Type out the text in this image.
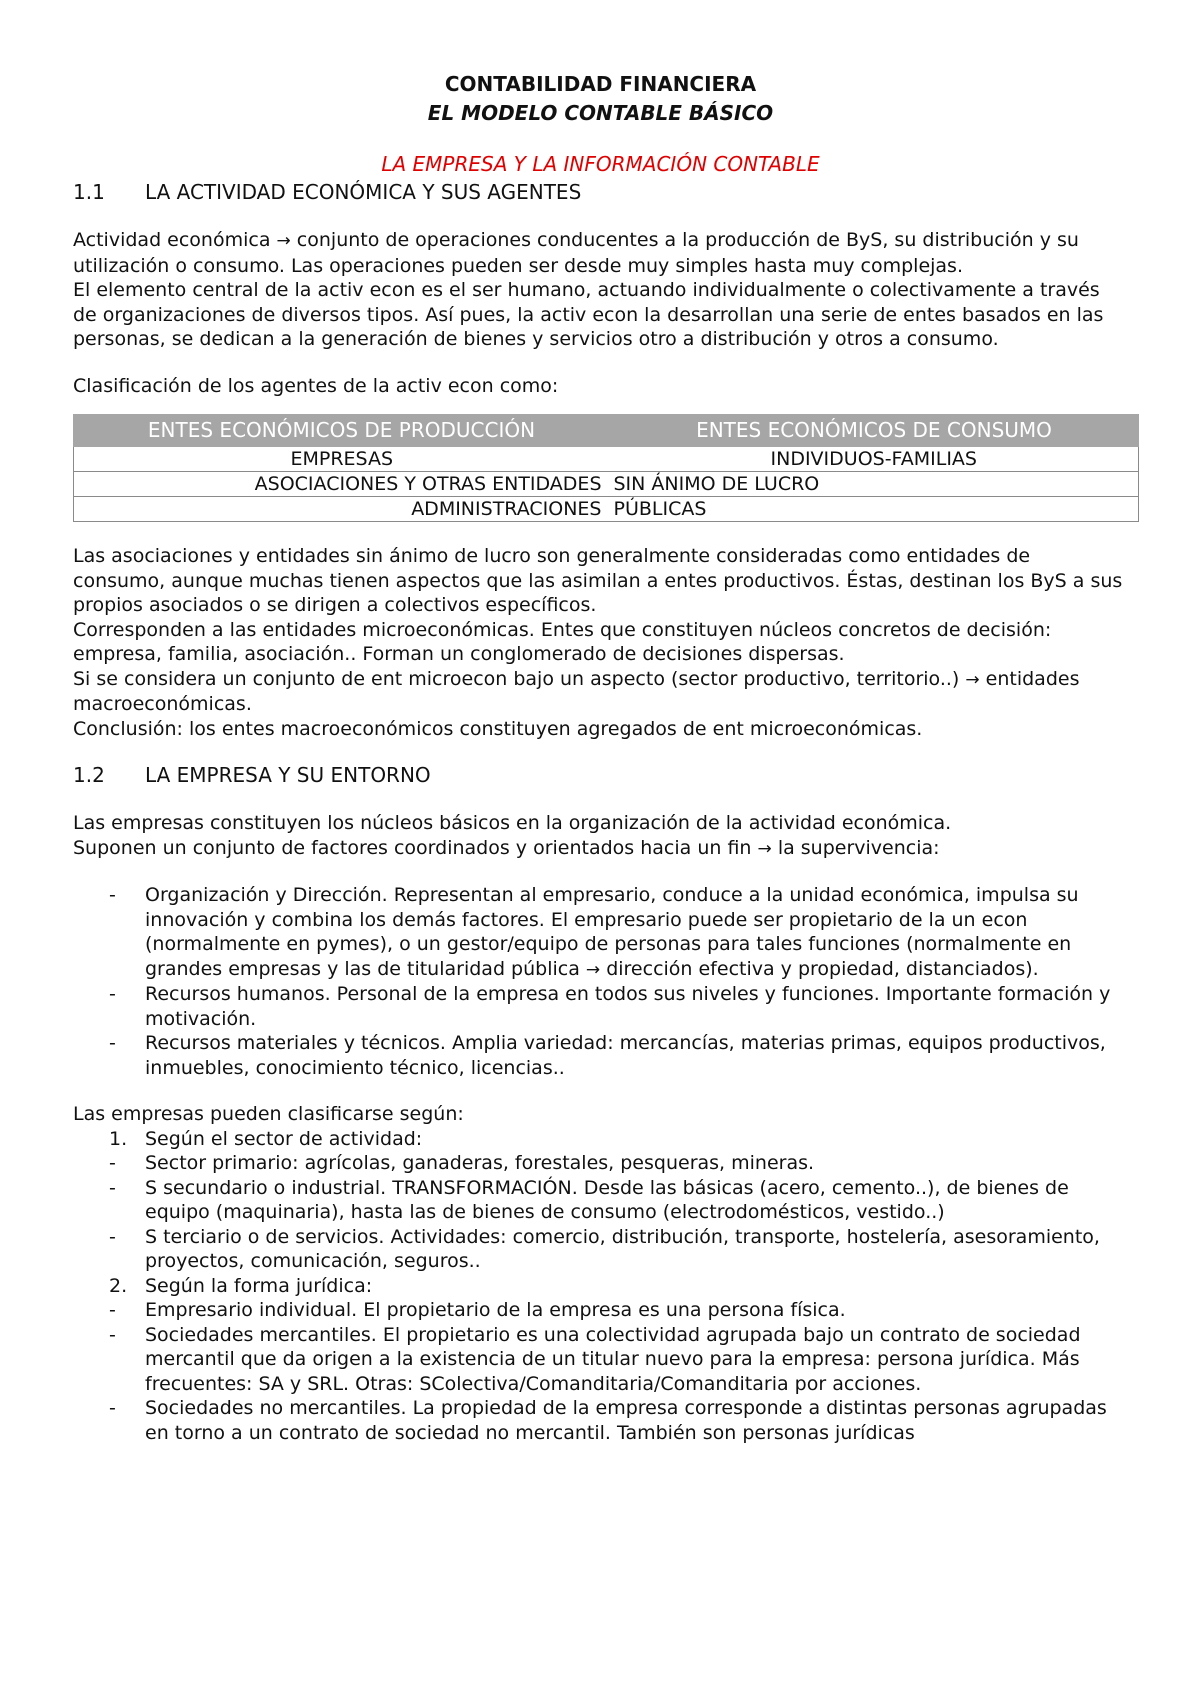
CONTABILIDAD FINANCIERA
EL MODELO CONTABLE BÁSICO
LA EMPRESA Y LA INFORMACIÓN CONTABLE
1.1	LA ACTIVIDAD ECONÓMICA Y SUS AGENTES

Actividad económica → conjunto de operaciones conducentes a la producción de ByS, su distribución y su utilización o consumo. Las operaciones pueden ser desde muy simples hasta muy complejas.

El elemento central de la activ econ es el ser humano, actuando individualmente o colectivamente a través de organizaciones de diversos tipos. Así pues, la activ econ la desarrollan una serie de entes basados en las personas, se dedican a la generación de bienes y servicios otro a distribución y otros a consumo.

Clasificación de los agentes de la activ econ como:

ENTES ECONÓMICOS DE PRODUCCIÓN	ENTES ECONÓMICOS DE CONSUMO
EMPRESAS	INDIVIDUOS-FAMILIAS
ASOCIACIONES Y OTRAS ENTIDADES	SIN ÁNIMO DE LUCRO
ADMINISTRACIONES	PÚBLICAS

Las asociaciones y entidades sin ánimo de lucro son generalmente consideradas como entidades de consumo, aunque muchas tienen aspectos que las asimilan a entes productivos. Éstas, destinan los ByS a sus propios asociados o se dirigen a colectivos específicos.

Corresponden a las entidades microeconómicas. Entes que constituyen núcleos concretos de decisión: empresa, familia, asociación.. Forman un conglomerado de decisiones dispersas.

Si se considera un conjunto de ent microecon bajo un aspecto (sector productivo, territorio..) → entidades macroeconómicas.

Conclusión: los entes macroeconómicos constituyen agregados de ent microeconómicas.

1.2	LA EMPRESA Y SU ENTORNO

Las empresas constituyen los núcleos básicos en la organización de la actividad económica.

Suponen un conjunto de factores coordinados y orientados hacia un fin → la supervivencia:

-	Organización y Dirección. Representan al empresario, conduce a la unidad económica, impulsa su innovación y combina los demás factores. El empresario puede ser propietario de la un econ (normalmente en pymes), o un gestor/equipo de personas para tales funciones (normalmente en grandes empresas y las de titularidad pública → dirección efectiva y propiedad, distanciados).
-	Recursos humanos. Personal de la empresa en todos sus niveles y funciones. Importante formación y motivación.
-	Recursos materiales y técnicos. Amplia variedad: mercancías, materias primas, equipos productivos, inmuebles, conocimiento técnico, licencias..

Las empresas pueden clasificarse según:

1. Según el sector de actividad:
-	Sector primario: agrícolas, ganaderas, forestales, pesqueras, mineras.
-	S secundario o industrial. TRANSFORMACIÓN. Desde las básicas (acero, cemento..), de bienes de equipo (maquinaria), hasta las de bienes de consumo (electrodomésticos, vestido..)
-	S terciario o de servicios. Actividades: comercio, distribución, transporte, hostelería, asesoramiento, proyectos, comunicación, seguros..
2. Según la forma jurídica:
-	Empresario individual. El propietario de la empresa es una persona física.
-	Sociedades mercantiles. El propietario es una colectividad agrupada bajo un contrato de sociedad mercantil que da origen a la existencia de un titular nuevo para la empresa: persona jurídica. Más frecuentes: SA y SRL. Otras: SColectiva/Comanditaria/Comanditaria por acciones.
-	Sociedades no mercantiles. La propiedad de la empresa corresponde a distintas personas agrupadas en torno a un contrato de sociedad no mercantil. También son personas jurídicas
